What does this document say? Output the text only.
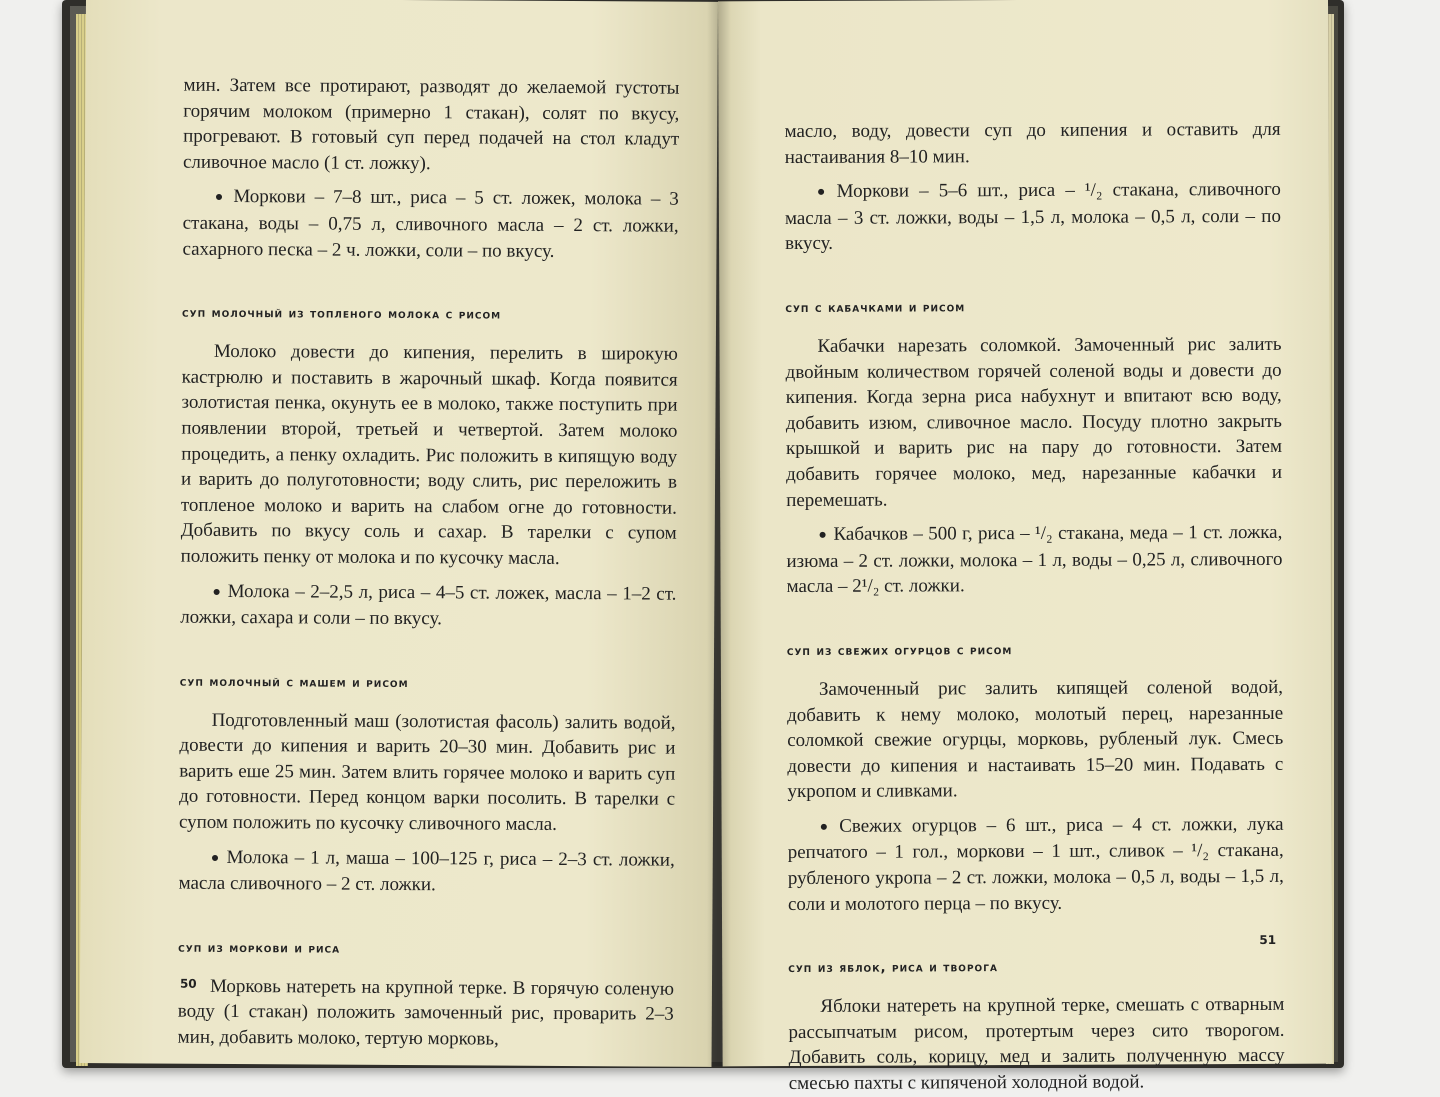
мин. Затем все протирают, разводят до желаемой густоты горячим молоком (примерно 1 стакан), солят по вкусу, прогревают. В готовый суп перед подачей на стол кладут сливочное масло (1 ст. ложку).

● Моркови – 7–8 шт., риса – 5 ст. ложек, молока – 3 стакана, воды – 0,75 л, сливочного масла – 2 ст. ложки, сахарного песка – 2 ч. ложки, соли – по вкусу.

суп молочный из топленого молока с рисом

Молоко довести до кипения, перелить в широкую кастрюлю и поставить в жарочный шкаф. Когда появится золотистая пенка, окунуть ее в молоко, также поступить при появлении второй, третьей и четвертой. Затем молоко процедить, а пенку охладить. Рис положить в кипящую воду и варить до полуготовности; воду слить, рис переложить в топленое молоко и варить на слабом огне до готовности. Добавить по вкусу соль и сахар. В тарелки с супом положить пенку от молока и по кусочку масла.

● Молока – 2–2,5 л, риса – 4–5 ст. ложек, масла – 1–2 ст. ложки, сахара и соли – по вкусу.

суп молочный с машем и рисом

Подготовленный маш (золотистая фасоль) залить водой, довести до кипения и варить 20–30 мин. Добавить рис и варить еше 25 мин. Затем влить горячее молоко и варить суп до готовности. Перед концом варки посолить. В тарелки с супом положить по кусочку сливочного масла.

● Молока – 1 л, маша – 100–125 г, риса – 2–3 ст. ложки, масла сливочного – 2 ст. ложки.

суп из моркови и риса

Морковь натереть на крупной терке. В горячую соленую воду (1 стакан) положить замоченный рис, проварить 2–3 мин, добавить молоко, тертую морковь,

50

масло, воду, довести суп до кипения и оставить для настаивания 8–10 мин.

● Моркови – 5–6 шт., риса – ¹/₂ стакана, сливочного масла – 3 ст. ложки, воды – 1,5 л, молока – 0,5 л, соли – по вкусу.

суп с кабачками и рисом

Кабачки нарезать соломкой. Замоченный рис залить двойным количеством горячей соленой воды и довести до кипения. Когда зерна риса набухнут и впитают всю воду, добавить изюм, сливочное масло. Посуду плотно закрыть крышкой и варить рис на пару до готовности. Затем добавить горячее молоко, мед, нарезанные кабачки и перемешать.

● Кабачков – 500 г, риса – ¹/₂ стакана, меда – 1 ст. ложка, изюма – 2 ст. ложки, молока – 1 л, воды – 0,25 л, сливочного масла – 2¹/₂ ст. ложки.

суп из свежих огурцов с рисом

Замоченный рис залить кипящей соленой водой, добавить к нему молоко, молотый перец, нарезанные соломкой свежие огурцы, морковь, рубленый лук. Смесь довести до кипения и настаивать 15–20 мин. Подавать с укропом и сливками.

● Свежих огурцов – 6 шт., риса – 4 ст. ложки, лука репчатого – 1 гол., моркови – 1 шт., сливок – ¹/₂ стакана, рубленого укропа – 2 ст. ложки, молока – 0,5 л, воды – 1,5 л, соли и молотого перца – по вкусу.

суп из яблок, риса и творога

Яблоки натереть на крупной терке, смешать с отварным рассыпчатым рисом, протертым через сито творогом. Добавить соль, корицу, мед и залить полученную массу смесью пахты с кипяченой холодной водой.

51
